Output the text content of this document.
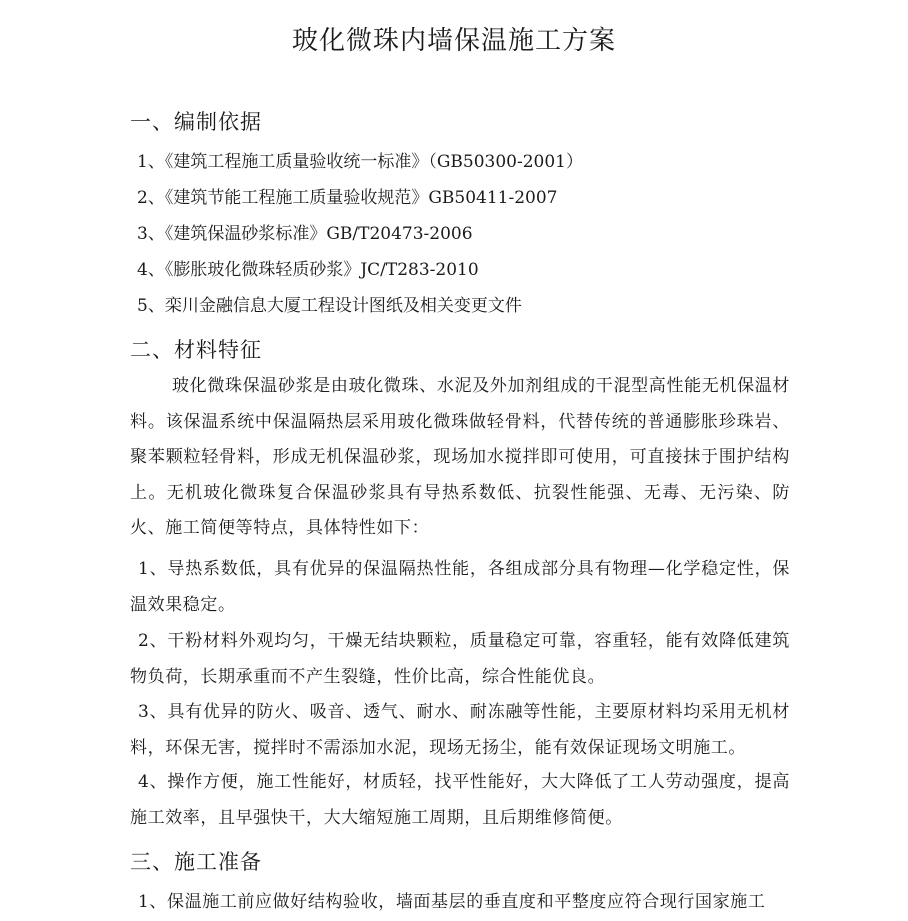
玻化微珠内墙保温施工方案
一、编制依据
1、《建筑工程施工质量验收统一标准》（GB50300-2001）
2、《建筑节能工程施工质量验收规范》GB50411-2007
3、《建筑保温砂浆标准》GB/T20473-2006
4、《膨胀玻化微珠轻质砂浆》JC/T283-2010
5、栾川金融信息大厦工程设计图纸及相关变更文件
二、材料特征

玻化微珠保温砂浆是由玻化微珠、水泥及外加剂组成的干混型高性能无机保温材料。该保温系统中保温隔热层采用玻化微珠做轻骨料，代替传统的普通膨胀珍珠岩、聚苯颗粒轻骨料，形成无机保温砂浆，现场加水搅拌即可使用，可直接抹于围护结构上。无机玻化微珠复合保温砂浆具有导热系数低、抗裂性能强、无毒、无污染、防火、施工简便等特点，具体特性如下：

1、导热系数低，具有优异的保温隔热性能，各组成部分具有物理—化学稳定性，保温效果稳定。

2、干粉材料外观均匀，干燥无结块颗粒，质量稳定可靠，容重轻，能有效降低建筑物负荷，长期承重而不产生裂缝，性价比高，综合性能优良。

3、具有优异的防火、吸音、透气、耐水、耐冻融等性能，主要原材料均采用无机材料，环保无害，搅拌时不需添加水泥，现场无扬尘，能有效保证现场文明施工。

4、操作方便，施工性能好，材质轻，找平性能好，大大降低了工人劳动强度，提高施工效率，且早强快干，大大缩短施工周期，且后期维修简便。

三、施工准备

1、保温施工前应做好结构验收，墙面基层的垂直度和平整度应符合现行国家施工
